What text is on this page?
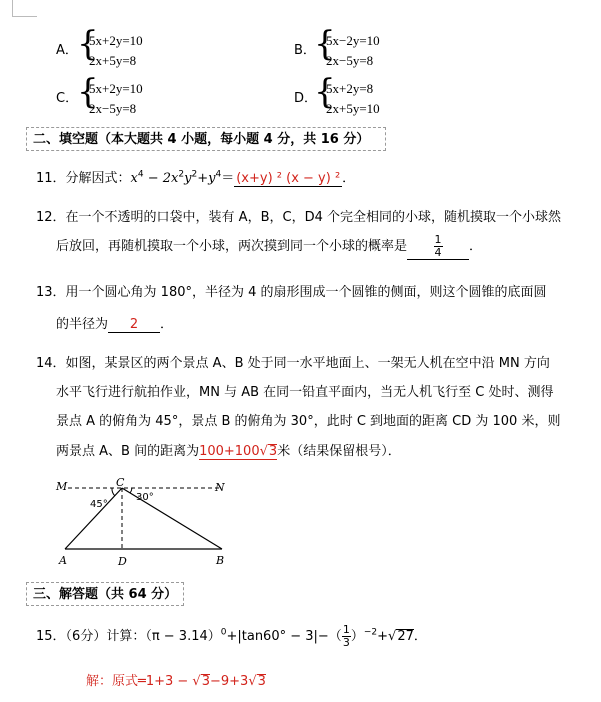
A． {
5x+2y=10
2x+5y=8
B．
{
5x−2y=10
2x−5y=8
C．
{
5x+2y=10
2x−5y=8
D．
{
5x+2y=8
2x+5y=10
二、填空题（本大题共 4 小题，每小题 4 分，共 16 分）
11．分解因式：$x^4 - 2x^2y^2+y^4= (x+y)$ ² (x − y) ² ．
12．在一个不透明的口袋中，装有 A，B，C，D4 个完全相同的小球，随机摸取一个小球然
后放回，再随机摸取一个小球，两次摸到同一个小球的概率是 $\frac{1}{4}$ ．
13．用一个圆心角为 180°，半径为 4 的扇形围成一个圆锥的侧面，则这个圆锥的底面圆
的半径为 2 ．
14．如图，某景区的两个景点 A、B 处于同一水平地面上、一架无人机在空中沿 MN 方向
水平飞行进行航拍作业，MN 与 AB 在同一铅直平面内，当无人机飞行至 C 处时、测得
景点 A 的俯角为 45°，景点 B 的俯角为 30°，此时 C 到地面的距离 CD 为 100 米，则
两景点 A、B 间的距离为100+100√3米（结果保留根号）．
M	C	N
A	D	B
45°
30°
三、解答题（共 64 分）
15．（6分）计算：$(\pi - 3.14)^0+|\tan 60^\circ - 3|-( \frac{1}{3} )^{-2}+√27$．
解：原式═1+3 − √3−9+3√3
